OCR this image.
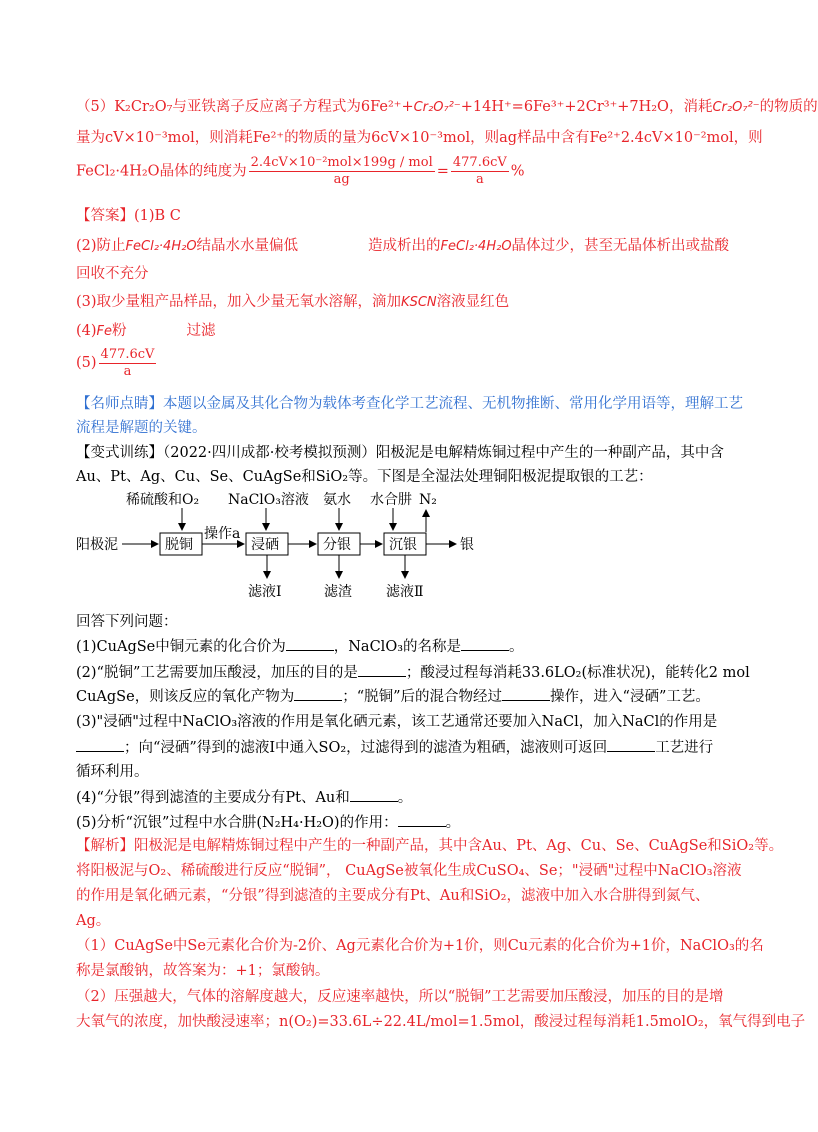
（5）K₂Cr₂O₇与亚铁离子反应离子方程式为6Fe²⁺+Cr₂O₇²⁻+14H⁺=6Fe³⁺+2Cr³⁺+7H₂O，消耗Cr₂O₇²⁻的物质的
量为cV×10⁻³mol，则消耗Fe²⁺的物质的量为6cV×10⁻³mol，则ag样品中含有Fe²⁺2.4cV×10⁻²mol，则
FeCl₂·4H₂O晶体的纯度为 $\frac{\text{2.4cV×10⁻²mol×199g / mol}}{ag} = \frac{477.6cV}{a}$ %
【答案】(1)B C
(2)防止FeCl₂·4H₂O结晶水水量偏低	造成析出的FeCl₂·4H₂O晶体过少，甚至无晶体析出或盐酸
回收不充分
(3)取少量粗产品样品，加入少量无氧水溶解，滴加KSCN溶液显红色
(4)Fe粉	过滤
$(5) \frac{477.6cV}{a}$
【名师点睛】本题以金属及其化合物为载体考查化学工艺流程、无机物推断、常用化学用语等，理解工艺
流程是解题的关键。
【变式训练】（2022·四川成都·校考模拟预测）阳极泥是电解精炼铜过程中产生的一种副产品，其中含
Au、Pt、Ag、Cu、Se、CuAgSe和SiO₂等。下图是全湿法处理铜阳极泥提取银的工艺：
稀硫酸和O₂ NaClO₃溶液 氨水 水合肼 N₂
阳极泥	脱铜
操作a
浸硒	分银	沉银	银
滤液Ⅰ	滤渣 滤液Ⅱ
回答下列问题：
(1)CuAgSe中铜元素的化合价为	，NaClO₃的名称是	。
(2)“脱铜”工艺需要加压酸浸，加压的目的是	；酸浸过程每消耗33.6LO₂(标准状况)，能转化2 mol
CuAgSe，则该反应的氧化产物为	；“脱铜”后的混合物经过	操作，进入“浸硒”工艺。
(3)"浸硒"过程中NaClO₃溶液的作用是氧化硒元素，该工艺通常还要加入NaCl，加入NaCl的作用是
；向“浸硒”得到的滤液Ⅰ中通入SO₂，过滤得到的滤渣为粗硒，滤液则可返回	工艺进行
循环利用。
(4)“分银”得到滤渣的主要成分有Pt、Au和	。
(5)分析“沉银”过程中水合肼(N₂H₄·H₂O)的作用：	。
【解析】阳极泥是电解精炼铜过程中产生的一种副产品，其中含Au、Pt、Ag、Cu、Se、CuAgSe和SiO₂等。
将阳极泥与O₂、稀硫酸进行反应“脱铜”， CuAgSe被氧化生成CuSO₄、Se；"浸硒"过程中NaClO₃溶液
的作用是氧化硒元素，“分银”得到滤渣的主要成分有Pt、Au和SiO₂，滤液中加入水合肼得到氮气、
Ag。
（1）CuAgSe中Se元素化合价为-2价、Ag元素化合价为+1价，则Cu元素的化合价为+1价，NaClO₃的名
称是氯酸钠，故答案为：+1；氯酸钠。
（2）压强越大，气体的溶解度越大，反应速率越快，所以“脱铜”工艺需要加压酸浸，加压的目的是增
大氧气的浓度，加快酸浸速率；n(O₂)=33.6L÷22.4L/mol=1.5mol，酸浸过程每消耗1.5molO₂，氧气得到电子
